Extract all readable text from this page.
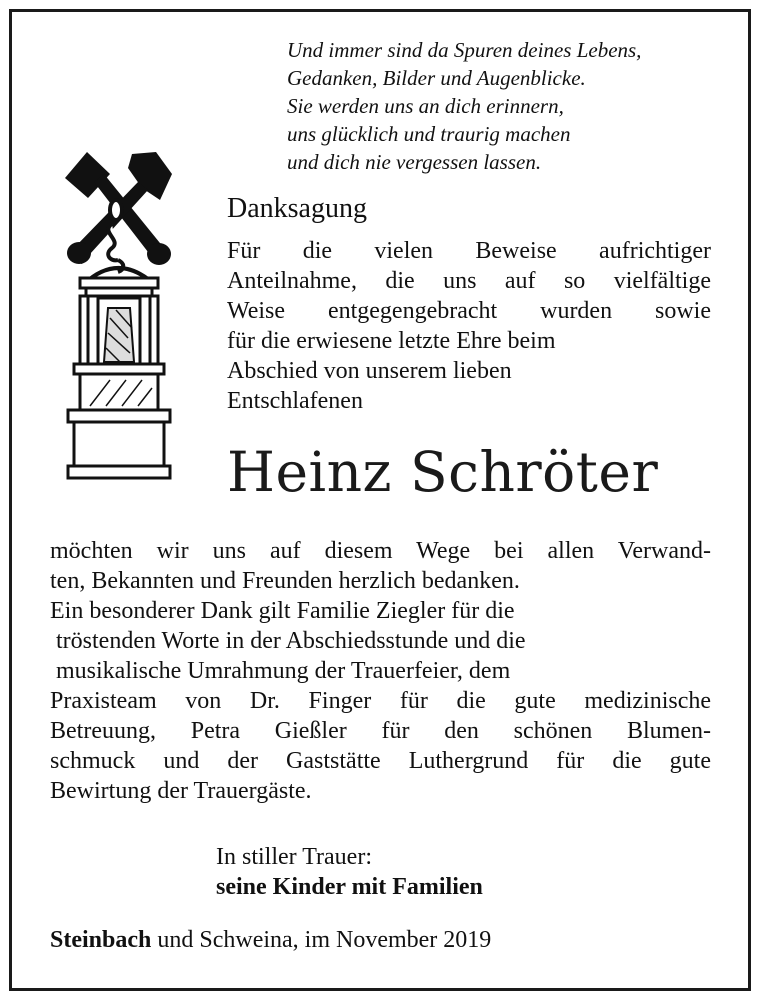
Und immer sind da Spuren deines Lebens,
Gedanken, Bilder und Augenblicke.
Sie werden uns an dich erinnern,
uns glücklich und traurig machen
und dich nie vergessen lassen.
Danksagung
Für die vielen Beweise aufrichtiger
Anteilnahme, die uns auf so vielfältige
Weise entgegengebracht wurden sowie
für die erwiesene letzte Ehre beim
Abschied von unserem lieben
Entschlafenen
Heinz Schröter
möchten wir uns auf diesem Wege bei allen Verwand-
ten, Bekannten und Freunden herzlich bedanken.
Ein besonderer Dank gilt Familie Ziegler für die
tröstenden Worte in der Abschiedsstunde und die
musikalische Umrahmung der Trauerfeier, dem
Praxisteam von Dr. Finger für die gute medizinische
Betreuung, Petra Gießler für den schönen Blumen-
schmuck und der Gaststätte Luthergrund für die gute
Bewirtung der Trauergäste.
In stiller Trauer:
seine Kinder mit Familien
Steinbach und Schweina, im November 2019
